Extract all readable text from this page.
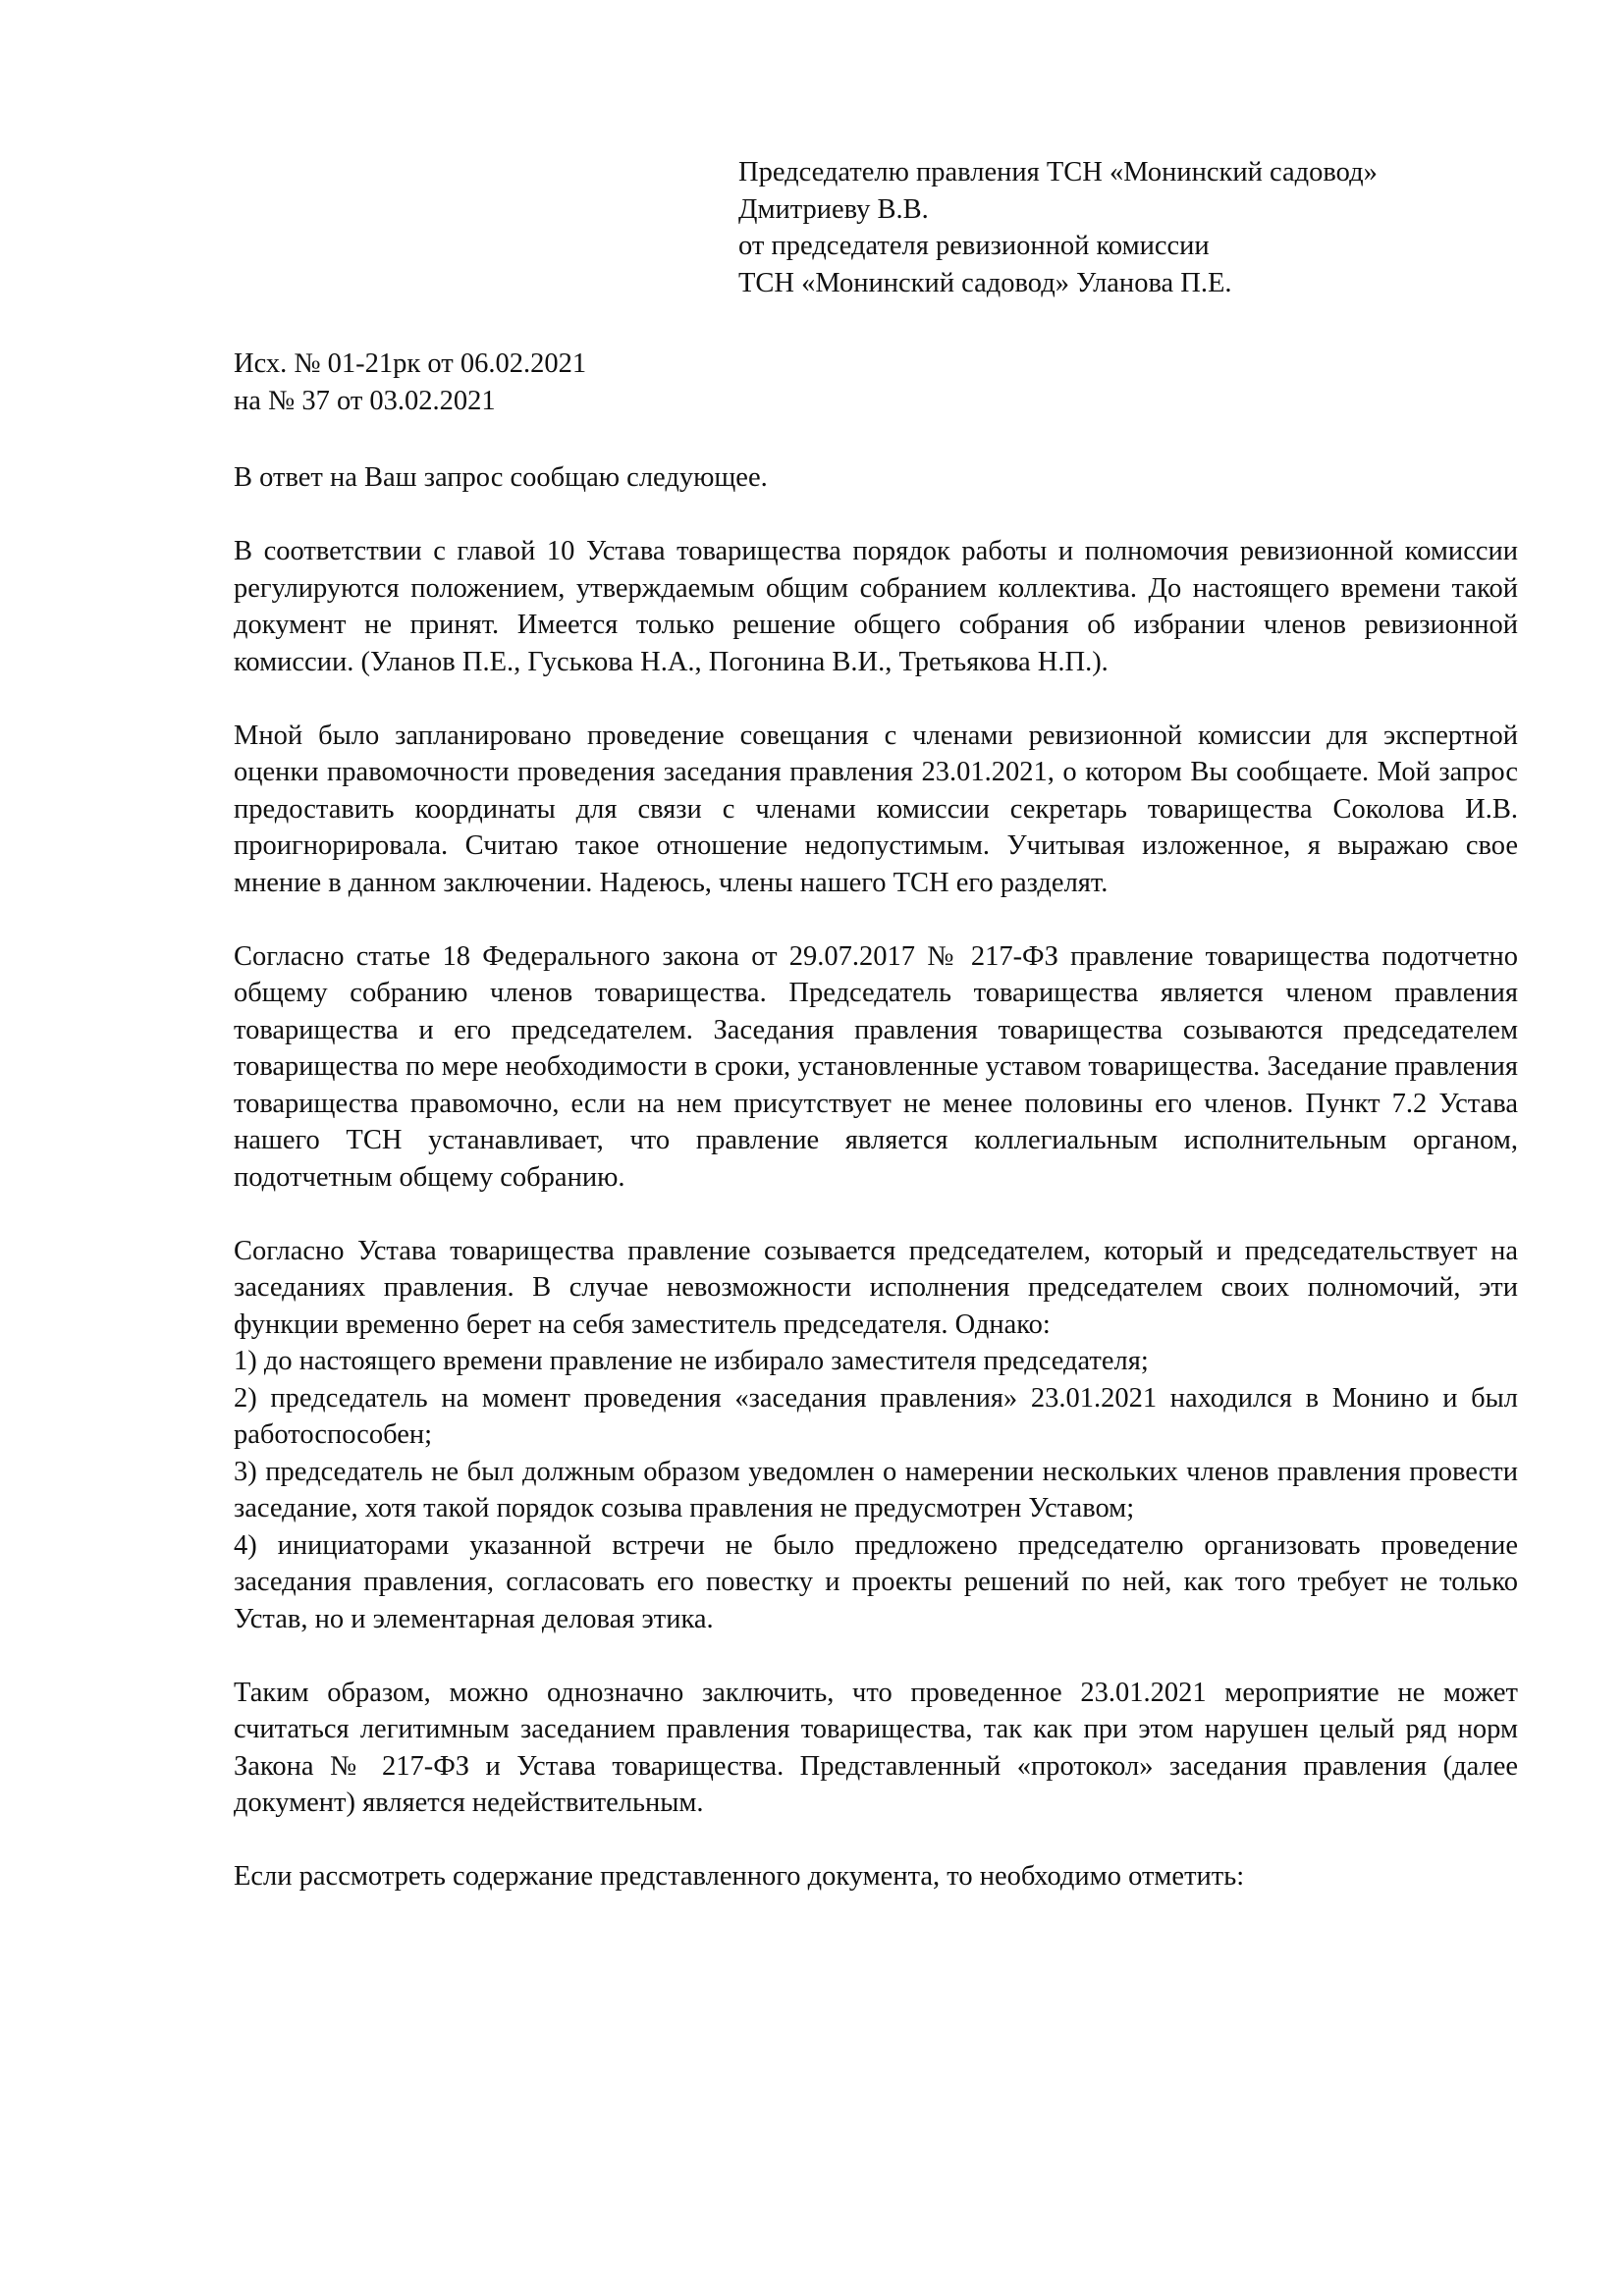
Председателю правления ТСН «Монинский садовод»
Дмитриеву В.В.
от председателя ревизионной комиссии
ТСН «Монинский садовод» Уланова П.Е.
Исх. № 01-21рк от 06.02.2021
на № 37 от 03.02.2021

В ответ на Ваш запрос сообщаю следующее.

В соответствии с главой 10 Устава товарищества порядок работы и полномочия ревизионной комиссии регулируются положением, утверждаемым общим собранием коллектива. До настоящего времени такой документ не принят. Имеется только решение общего собрания об избрании членов ревизионной комиссии. (Уланов П.Е., Гуськова Н.А., Погонина В.И., Третьякова Н.П.).

Мной было запланировано проведение совещания с членами ревизионной комиссии для экспертной оценки правомочности проведения заседания правления 23.01.2021, о котором Вы сообщаете. Мой запрос предоставить координаты для связи с членами комиссии секретарь товарищества Соколова И.В. проигнорировала. Считаю такое отношение недопустимым. Учитывая изложенное, я выражаю свое мнение в данном заключении. Надеюсь, члены нашего ТСН его разделят.

Согласно статье 18 Федерального закона от 29.07.2017 № 217-ФЗ правление товарищества подотчетно общему собранию членов товарищества. Председатель товарищества является членом правления товарищества и его председателем. Заседания правления товарищества созываются председателем товарищества по мере необходимости в сроки, установленные уставом товарищества. Заседание правления товарищества правомочно, если на нем присутствует не менее половины его членов. Пункт 7.2 Устава нашего ТСН устанавливает, что правление является коллегиальным исполнительным органом, подотчетным общему собранию.

Согласно Устава товарищества правление созывается председателем, который и председательствует на заседаниях правления. В случае невозможности исполнения председателем своих полномочий, эти функции временно берет на себя заместитель председателя. Однако:

1) до настоящего времени правление не избирало заместителя председателя;

2) председатель на момент проведения «заседания правления» 23.01.2021 находился в Монино и был работоспособен;

3) председатель не был должным образом уведомлен о намерении нескольких членов правления провести заседание, хотя такой порядок созыва правления не предусмотрен Уставом;

4) инициаторами указанной встречи не было предложено председателю организовать проведение заседания правления, согласовать его повестку и проекты решений по ней, как того требует не только Устав, но и элементарная деловая этика.

Таким образом, можно однозначно заключить, что проведенное 23.01.2021 мероприятие не может считаться легитимным заседанием правления товарищества, так как при этом нарушен целый ряд норм Закона № 217-ФЗ и Устава товарищества. Представленный «протокол» заседания правления (далее документ) является недействительным.

Если рассмотреть содержание представленного документа, то необходимо отметить:
